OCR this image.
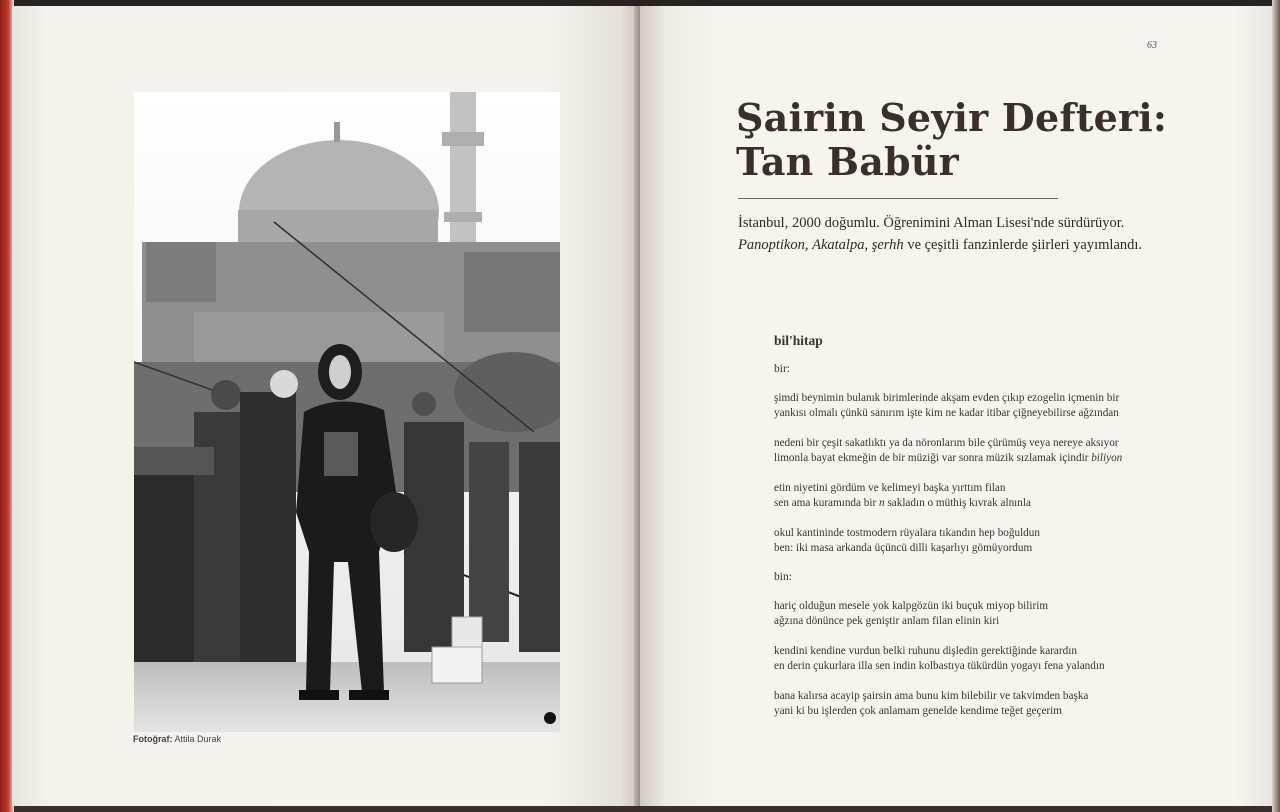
Fotoğraf: Attila Durak
63
Şairin Seyir Defteri:
Tan Babür
İstanbul, 2000 doğumlu. Öğrenimini Alman Lisesi'nde sürdürüyor.
Panoptikon, Akatalpa, şerhh ve çeşitli fanzinlerde şiirleri yayımlandı.
bil'hitap
bir:
şimdi beynimin bulanık birimlerinde akşam evden çıkıp ezogelin içmenin bir
yankısı olmalı çünkü sanırım işte kim ne kadar itibar çiğneyebilirse ağzından
nedeni bir çeşit sakatlıktı ya da nöronlarım bile çürümüş veya nereye aksıyor
limonla bayat ekmeğin de bir müziği var sonra müzik sızlamak içindir biliyon
etin niyetini gördüm ve kelimeyi başka yırttım filan
sen ama kuramında bir n sakladın o müthiş kıvrak alnınla
okul kantininde tostmodern rüyalara tıkandın hep boğuldun
ben: iki masa arkanda üçüncü dilli kaşarlıyı gömüyordum
bin:
hariç olduğun mesele yok kalpgözün iki buçuk miyop bilirim
ağzına dönünce pek geniştir anlam filan elinin kiri
kendini kendine vurdun belki ruhunu dişledin gerektiğinde karardın
en derin çukurlara illa sen indin kolbastıya tükürdün yogayı fena yalandın
bana kalırsa acayip şairsin ama bunu kim bilebilir ve takvimden başka
yani ki bu işlerden çok anlamam genelde kendime teğet geçerim
